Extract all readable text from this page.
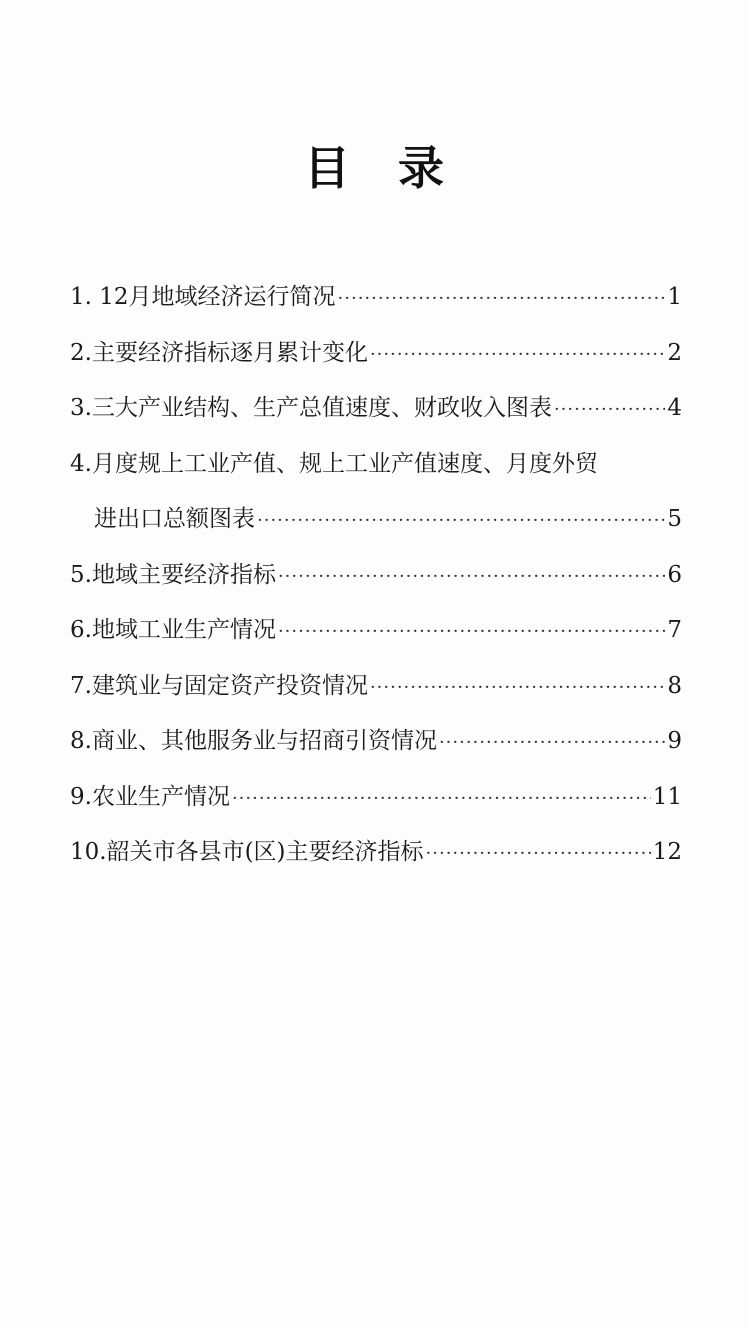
目 录
1. 12月地域经济运行简况 ·····	1
2.主要经济指标逐月累计变化 ·····	2
3.三大产业结构、生产总值速度、财政收入图表 ·····	4
4.月度规上工业产值、规上工业产值速度、月度外贸
进出口总额图表 ·····	5
5.地域主要经济指标 ·····	6
6.地域工业生产情况 ·····	7
7.建筑业与固定资产投资情况 ·····	8
8.商业、其他服务业与招商引资情况 ·····	9
9.农业生产情况 ·····	11
10.韶关市各县市(区)主要经济指标 ·····	12
